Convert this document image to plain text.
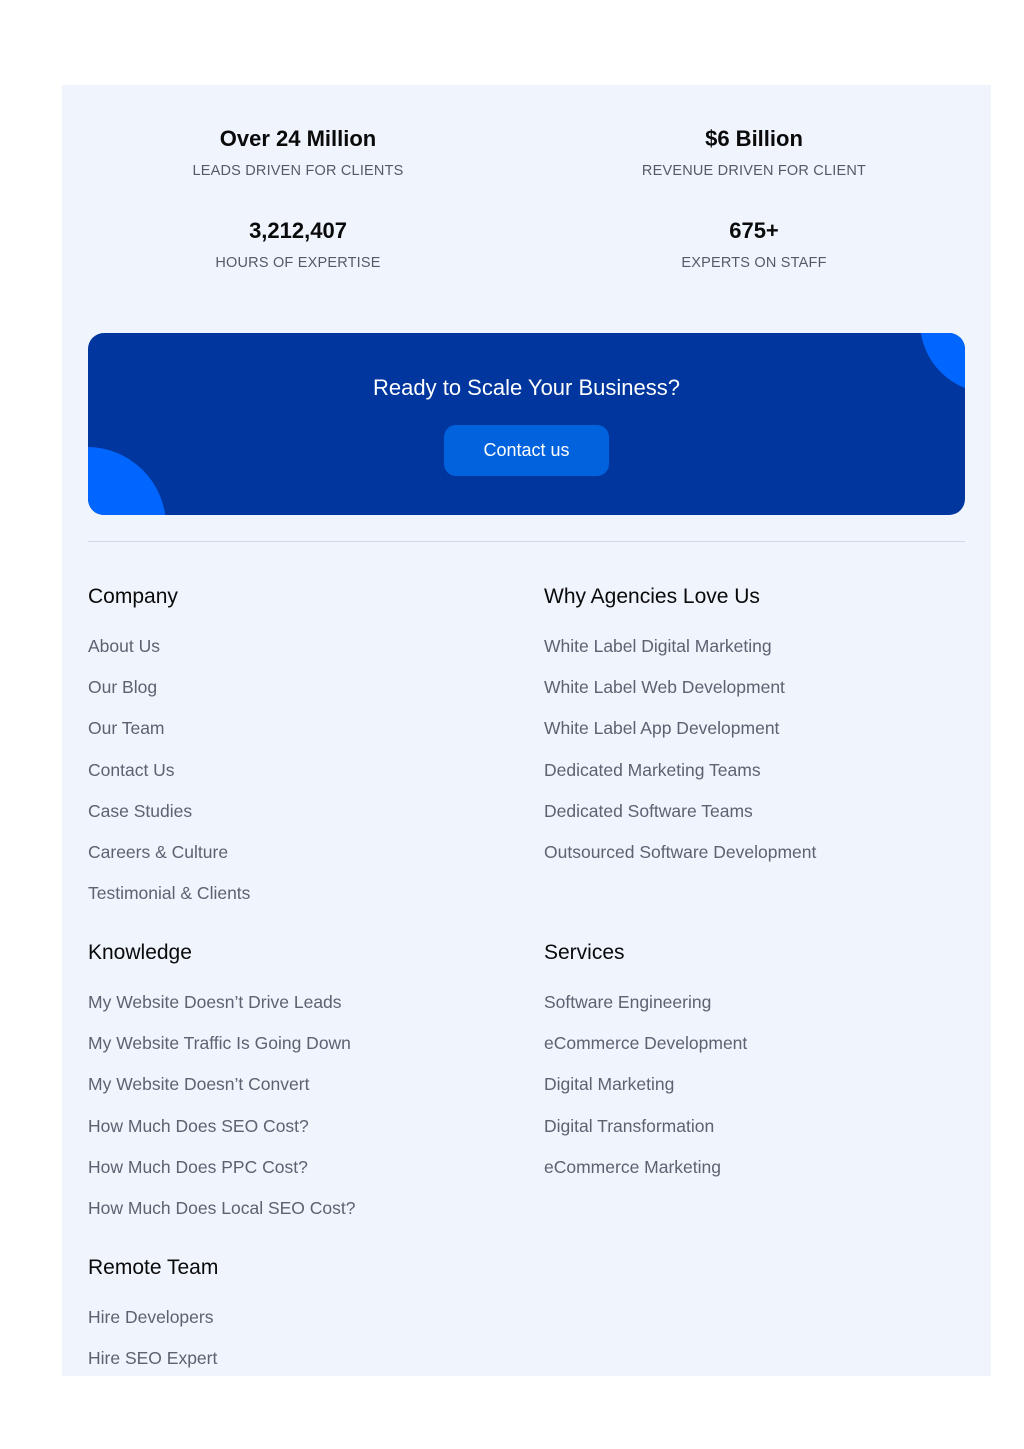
Over 24 Million
LEADS DRIVEN FOR CLIENTS
$6 Billion
REVENUE DRIVEN FOR CLIENT
3,212,407
HOURS OF EXPERTISE
675+
EXPERTS ON STAFF
Ready to Scale Your Business?
Contact us
Company
About Us
Our Blog
Our Team
Contact Us
Case Studies
Careers & Culture
Testimonial & Clients
Why Agencies Love Us
White Label Digital Marketing
White Label Web Development
White Label App Development
Dedicated Marketing Teams
Dedicated Software Teams
Outsourced Software Development
Knowledge
My Website Doesn’t Drive Leads
My Website Traffic Is Going Down
My Website Doesn’t Convert
How Much Does SEO Cost?
How Much Does PPC Cost?
How Much Does Local SEO Cost?
Services
Software Engineering
eCommerce Development
Digital Marketing
Digital Transformation
eCommerce Marketing
Remote Team
Hire Developers
Hire SEO Expert
